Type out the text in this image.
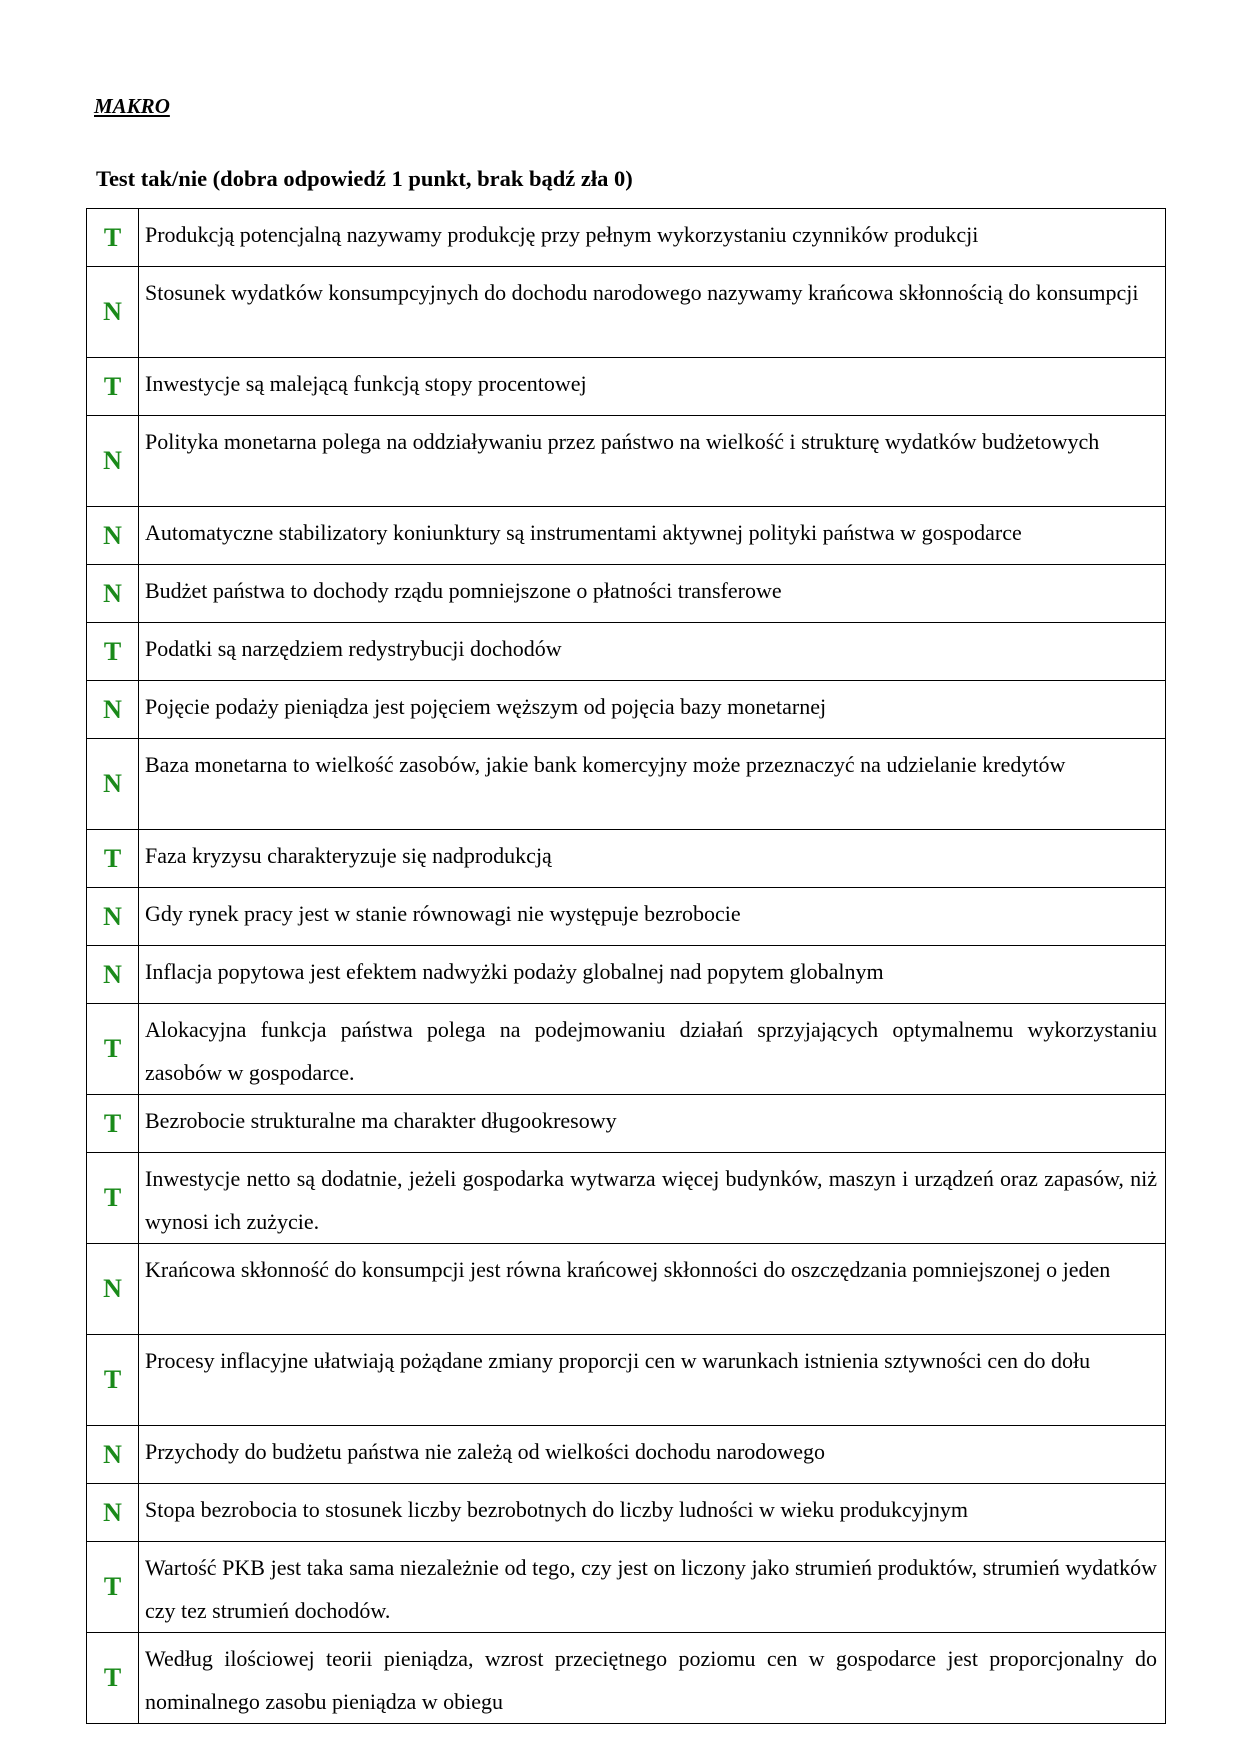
MAKRO

Test tak/nie (dobra odpowiedź 1 punkt, brak bądź zła 0)

T	Produkcją potencjalną nazywamy produkcję przy pełnym wykorzystaniu czynników produkcji
N	Stosunek wydatków konsumpcyjnych do dochodu narodowego nazywamy krańcowa skłonnością do konsumpcji
T	Inwestycje są malejącą funkcją stopy procentowej
N	Polityka monetarna polega na oddziaływaniu przez państwo na wielkość i strukturę wydatków budżetowych
N	Automatyczne stabilizatory koniunktury są instrumentami aktywnej polityki państwa w gospodarce
N	Budżet państwa to dochody rządu pomniejszone o płatności transferowe
T	Podatki są narzędziem redystrybucji dochodów
N	Pojęcie podaży pieniądza jest pojęciem węższym od pojęcia bazy monetarnej
N	Baza monetarna to wielkość zasobów, jakie bank komercyjny może przeznaczyć na udzielanie kredytów
T	Faza kryzysu charakteryzuje się nadprodukcją
N	Gdy rynek pracy jest w stanie równowagi nie występuje bezrobocie
N	Inflacja popytowa jest efektem nadwyżki podaży globalnej nad popytem globalnym
T	Alokacyjna funkcja państwa polega na podejmowaniu działań sprzyjających optymalnemu wykorzystaniu zasobów w gospodarce.
T	Bezrobocie strukturalne ma charakter długookresowy
T	Inwestycje netto są dodatnie, jeżeli gospodarka wytwarza więcej budynków, maszyn i urządzeń oraz zapasów, niż wynosi ich zużycie.
N	Krańcowa skłonność do konsumpcji jest równa krańcowej skłonności do oszczędzania pomniejszonej o jeden
T	Procesy inflacyjne ułatwiają pożądane zmiany proporcji cen w warunkach istnienia sztywności cen do dołu
N	Przychody do budżetu państwa nie zależą od wielkości dochodu narodowego
N	Stopa bezrobocia to stosunek liczby bezrobotnych do liczby ludności w wieku produkcyjnym
T	Wartość PKB jest taka sama niezależnie od tego, czy jest on liczony jako strumień produktów, strumień wydatków czy tez strumień dochodów.
T	Według ilościowej teorii pieniądza, wzrost przeciętnego poziomu cen w gospodarce jest proporcjonalny do nominalnego zasobu pieniądza w obiegu
